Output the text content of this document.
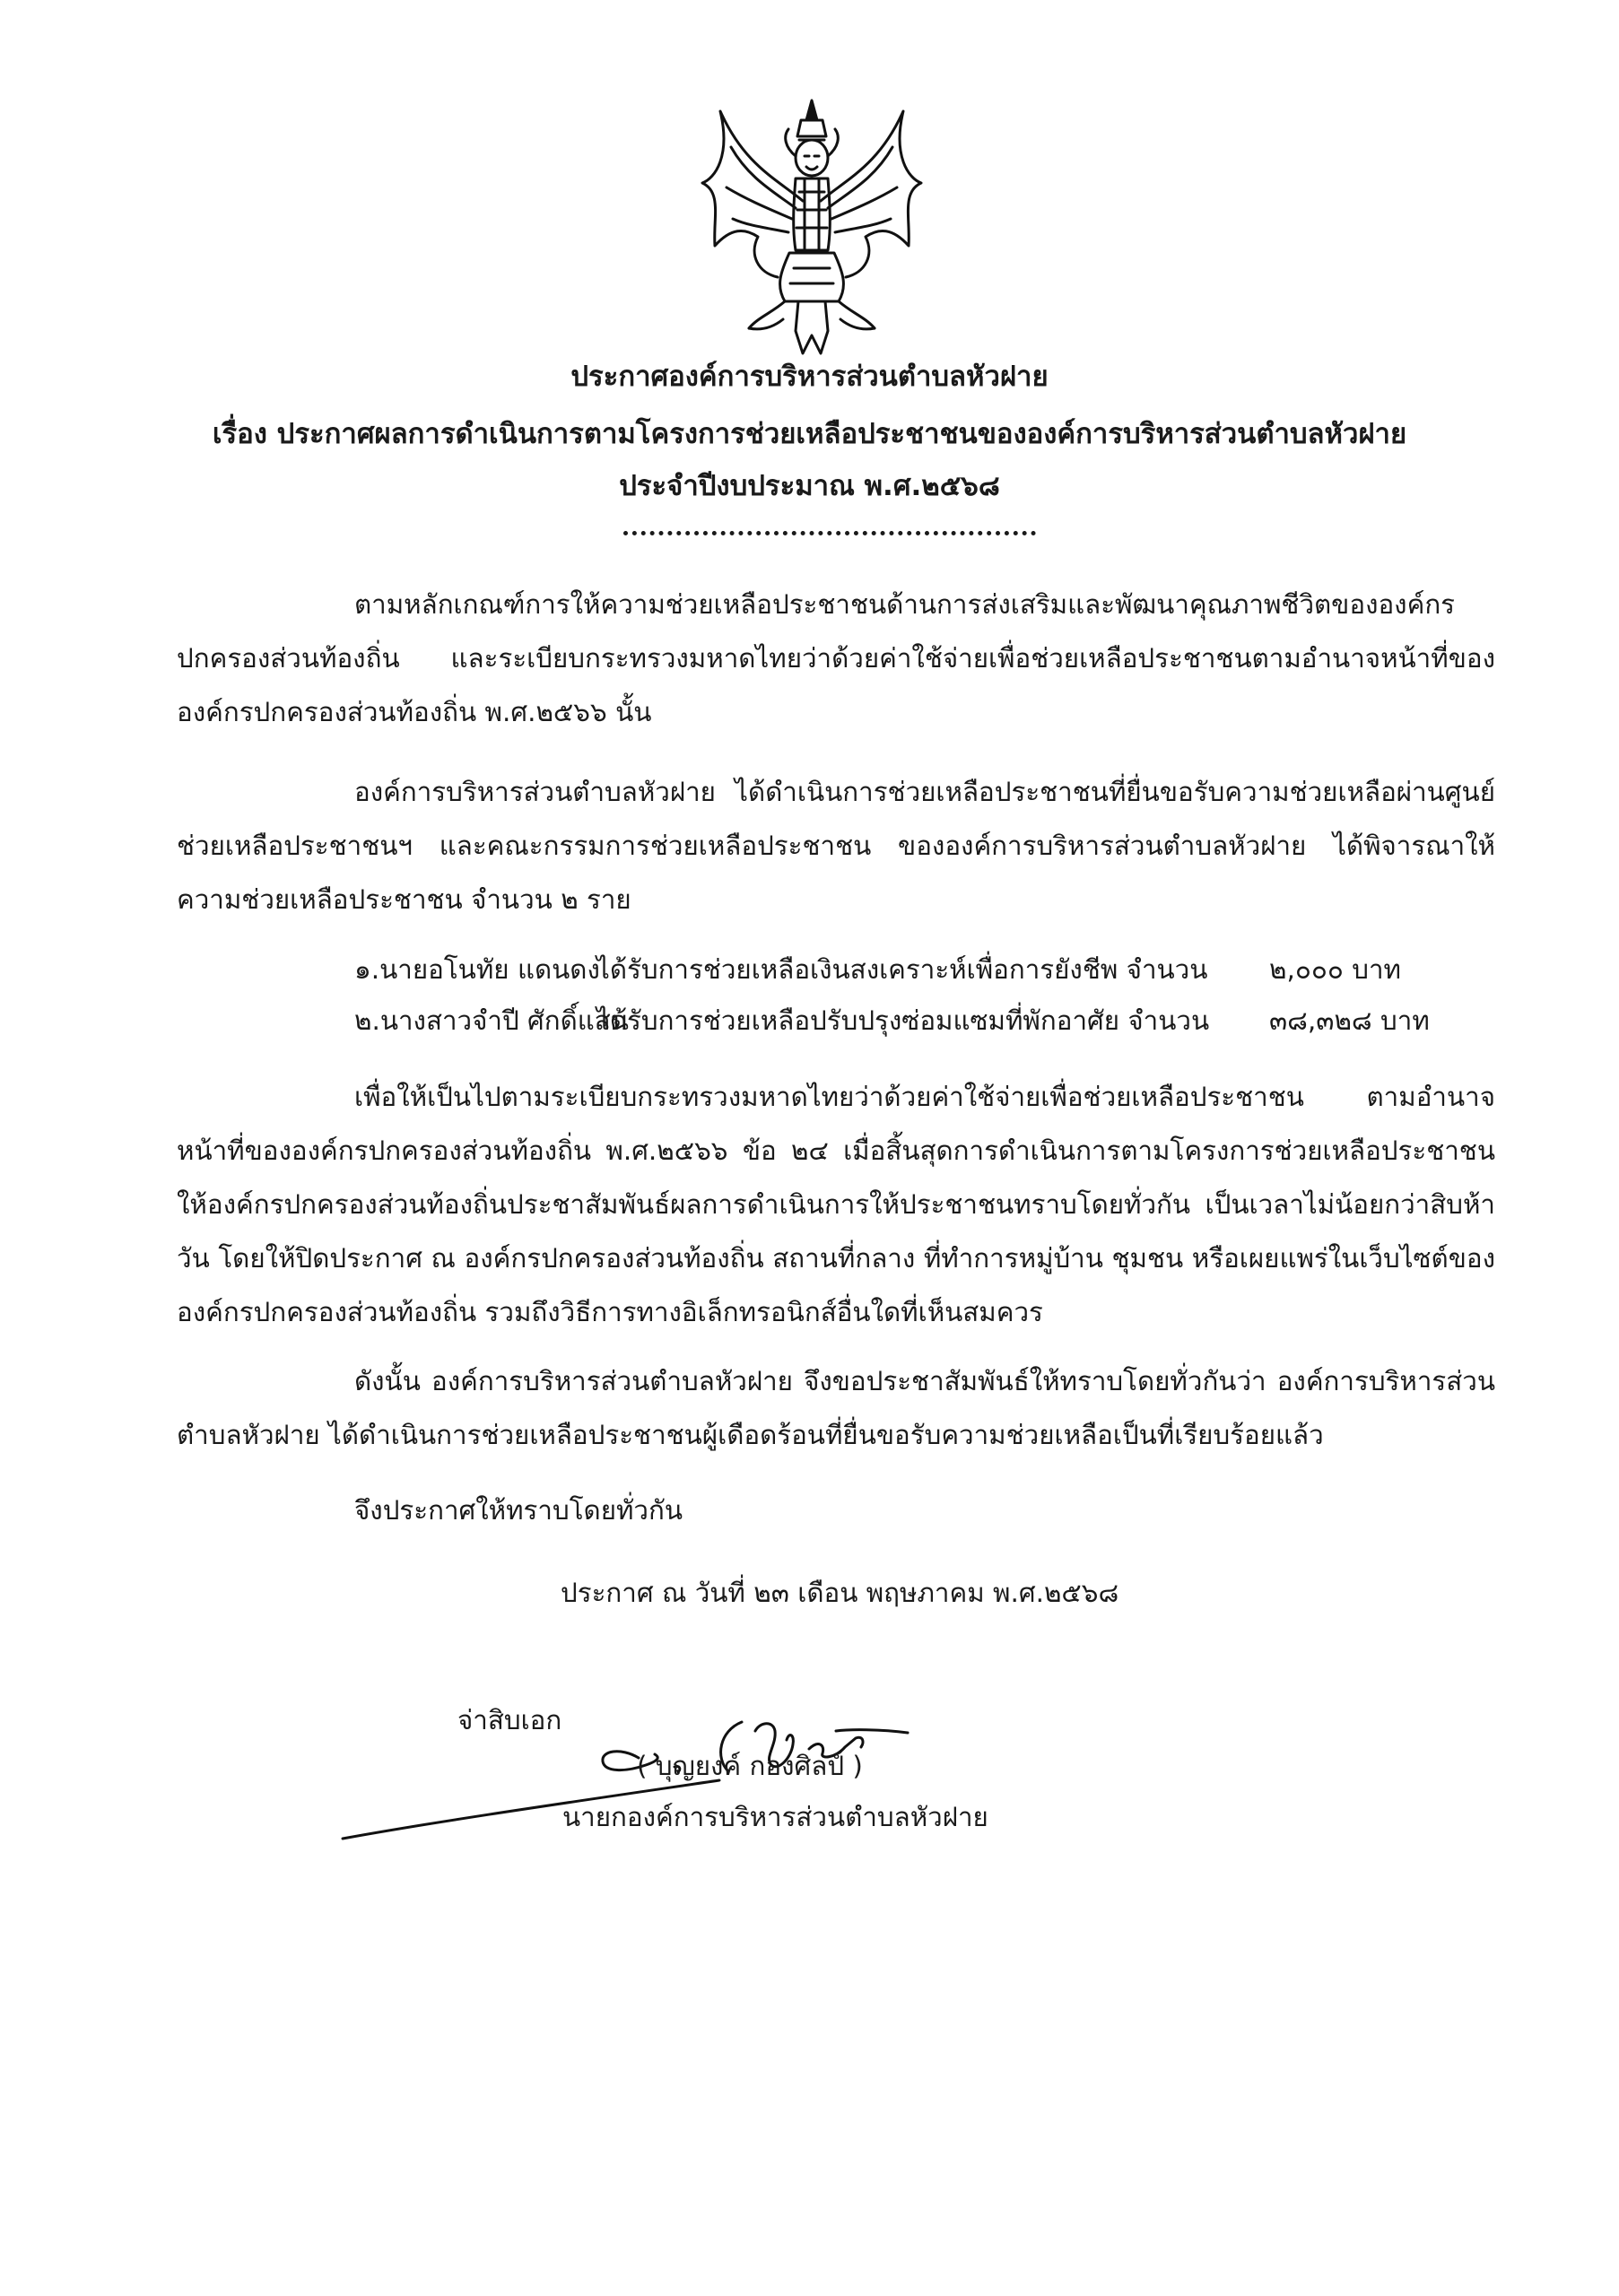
ประกาศองค์การบริหารส่วนตำบลหัวฝาย
เรื่อง ประกาศผลการดำเนินการตามโครงการช่วยเหลือประชาชนขององค์การบริหารส่วนตำบลหัวฝาย
ประจำปีงบประมาณ พ.ศ.๒๕๖๘
ตามหลักเกณฑ์การให้ความช่วยเหลือประชาชนด้านการส่งเสริมและพัฒนาคุณภาพชีวิตขององค์กรปกครองส่วนท้องถิ่น และระเบียบกระทรวงมหาดไทยว่าด้วยค่าใช้จ่ายเพื่อช่วยเหลือประชาชนตามอำนาจหน้าที่ขององค์กรปกครองส่วนท้องถิ่น พ.ศ.๒๕๖๖ นั้น
องค์การบริหารส่วนตำบลหัวฝาย ได้ดำเนินการช่วยเหลือประชาชนที่ยื่นขอรับความช่วยเหลือผ่านศูนย์ช่วยเหลือประชาชนฯ และคณะกรรมการช่วยเหลือประชาชน ขององค์การบริหารส่วนตำบลหัวฝาย ได้พิจารณาให้ความช่วยเหลือประชาชน จำนวน ๒ ราย
๑.นายอโนทัย แดนดงได้รับการช่วยเหลือเงินสงเคราะห์เพื่อการยังชีพ จำนวน ๒,๐๐๐ บาท
๒.นางสาวจำปี ศักดิ์แสนได้รับการช่วยเหลือปรับปรุงซ่อมแซมที่พักอาศัย จำนวน ๓๘,๓๒๘ บาท
เพื่อให้เป็นไปตามระเบียบกระทรวงมหาดไทยว่าด้วยค่าใช้จ่ายเพื่อช่วยเหลือประชาชน ตามอำนาจหน้าที่ขององค์กรปกครองส่วนท้องถิ่น พ.ศ.๒๕๖๖ ข้อ ๒๔ เมื่อสิ้นสุดการดำเนินการตามโครงการช่วยเหลือประชาชน ให้องค์กรปกครองส่วนท้องถิ่นประชาสัมพันธ์ผลการดำเนินการให้ประชาชนทราบโดยทั่วกัน เป็นเวลาไม่น้อยกว่าสิบห้าวัน โดยให้ปิดประกาศ ณ องค์กรปกครองส่วนท้องถิ่น สถานที่กลาง ที่ทำการหมู่บ้าน ชุมชน หรือเผยแพร่ในเว็บไซต์ขององค์กรปกครองส่วนท้องถิ่น รวมถึงวิธีการทางอิเล็กทรอนิกส์อื่นใดที่เห็นสมควร
ดังนั้น องค์การบริหารส่วนตำบลหัวฝาย จึงขอประชาสัมพันธ์ให้ทราบโดยทั่วกันว่า องค์การบริหารส่วนตำบลหัวฝาย ได้ดำเนินการช่วยเหลือประชาชนผู้เดือดร้อนที่ยื่นขอรับความช่วยเหลือเป็นที่เรียบร้อยแล้ว
จึงประกาศให้ทราบโดยทั่วกัน
ประกาศ ณ วันที่ ๒๓ เดือน พฤษภาคม พ.ศ.๒๕๖๘
จ่าสิบเอก
( บุญยงค์ กองศิลป์ )
นายกองค์การบริหารส่วนตำบลหัวฝาย
